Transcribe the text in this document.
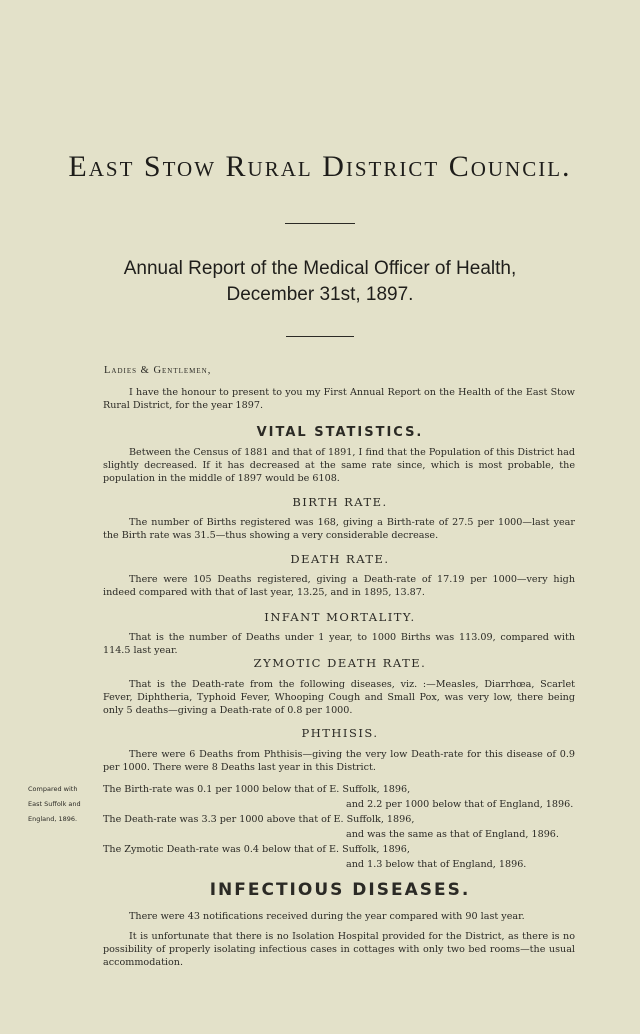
East Stow Rural District Council.
Annual Report of the Medical Officer of Health,
December 31st, 1897.
Ladies & Gentlemen,
I have the honour to present to you my First Annual Report on the Health of the East Stow Rural District, for the year 1897.
VITAL STATISTICS.
Between the Census of 1881 and that of 1891, I find that the Population of this District had slightly decreased. If it has decreased at the same rate since, which is most probable, the population in the middle of 1897 would be 6108.
BIRTH RATE.
The number of Births registered was 168, giving a Birth-rate of 27.5 per 1000—last year the Birth rate was 31.5—thus showing a very considerable decrease.
DEATH RATE.
There were 105 Deaths registered, giving a Death-rate of 17.19 per 1000—very high indeed compared with that of last year, 13.25, and in 1895, 13.87.
INFANT MORTALITY.
That is the number of Deaths under 1 year, to 1000 Births was 113.09, compared with 114.5 last year.
ZYMOTIC DEATH RATE.
That is the Death-rate from the following diseases, viz. :—Measles, Diarrhœa, Scarlet Fever, Diphtheria, Typhoid Fever, Whooping Cough and Small Pox, was very low, there being only 5 deaths—giving a Death-rate of 0.8 per 1000.
PHTHISIS.
There were 6 Deaths from Phthisis—giving the very low Death-rate for this disease of 0.9 per 1000. There were 8 Deaths last year in this District.
Compared with
East Suffolk and
England, 1896.
The Birth-rate was 0.1 per 1000 below that of E. Suffolk, 1896,
and 2.2 per 1000 below that of England, 1896.
The Death-rate was 3.3 per 1000 above that of E. Suffolk, 1896,
and was the same as that of England, 1896.
The Zymotic Death-rate was 0.4 below that of E. Suffolk, 1896,
and 1.3 below that of England, 1896.
INFECTIOUS DISEASES.
There were 43 notifications received during the year compared with 90 last year.
It is unfortunate that there is no Isolation Hospital provided for the District, as there is no possibility of properly isolating infectious cases in cottages with only two bed rooms—the usual accommodation.
